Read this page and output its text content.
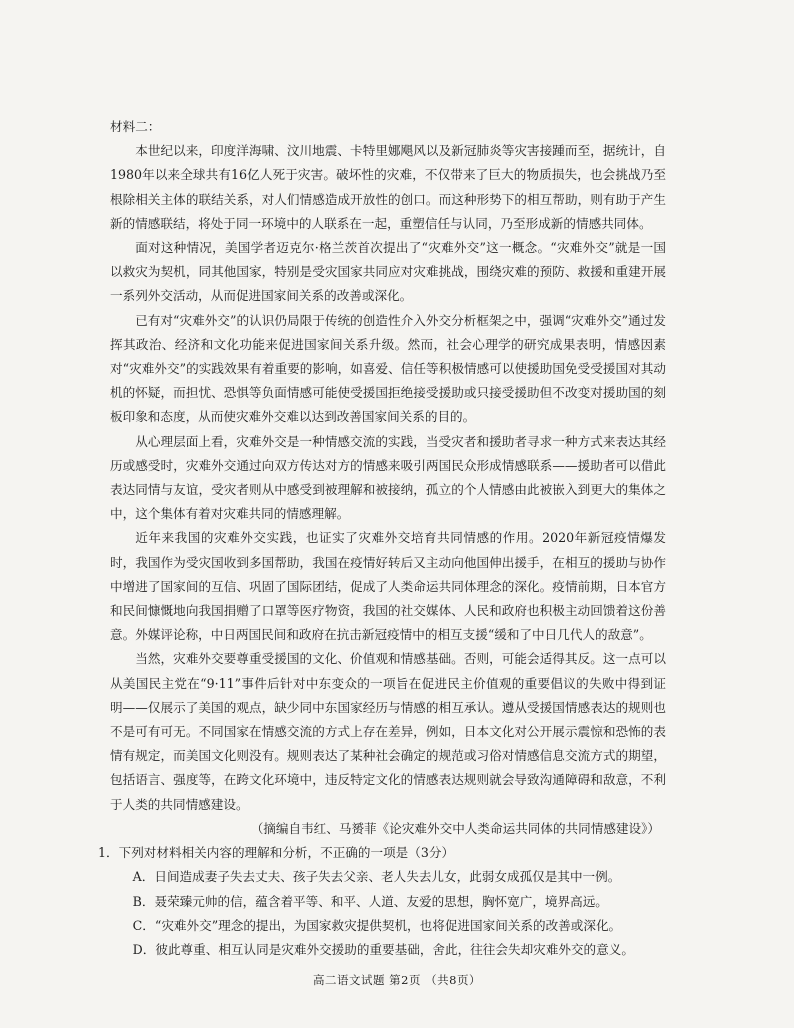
材料二：

本世纪以来，印度洋海啸、汶川地震、卡特里娜飓风以及新冠肺炎等灾害接踵而至，据统计，自1980年以来全球共有16亿人死于灾害。破坏性的灾难，不仅带来了巨大的物质损失，也会挑战乃至根除相关主体的联结关系，对人们情感造成开放性的创口。而这种形势下的相互帮助，则有助于产生新的情感联结，将处于同一环境中的人联系在一起，重塑信任与认同，乃至形成新的情感共同体。

面对这种情况，美国学者迈克尔·格兰茨首次提出了“灾难外交”这一概念。“灾难外交”就是一国以救灾为契机，同其他国家，特别是受灾国家共同应对灾难挑战，围绕灾难的预防、救援和重建开展一系列外交活动，从而促进国家间关系的改善或深化。

已有对“灾难外交”的认识仍局限于传统的创造性介入外交分析框架之中，强调“灾难外交”通过发挥其政治、经济和文化功能来促进国家间关系升级。然而，社会心理学的研究成果表明，情感因素对“灾难外交”的实践效果有着重要的影响，如喜爱、信任等积极情感可以使援助国免受受援国对其动机的怀疑，而担忧、恐惧等负面情感可能使受援国拒绝接受援助或只接受援助但不改变对援助国的刻板印象和态度，从而使灾难外交难以达到改善国家间关系的目的。

从心理层面上看，灾难外交是一种情感交流的实践，当受灾者和援助者寻求一种方式来表达其经历或感受时，灾难外交通过向双方传达对方的情感来吸引两国民众形成情感联系——援助者可以借此表达同情与友谊，受灾者则从中感受到被理解和被接纳，孤立的个人情感由此被嵌入到更大的集体之中，这个集体有着对灾难共同的情感理解。

近年来我国的灾难外交实践，也证实了灾难外交培育共同情感的作用。2020年新冠疫情爆发时，我国作为受灾国收到多国帮助，我国在疫情好转后又主动向他国伸出援手，在相互的援助与协作中增进了国家间的互信、巩固了国际团结，促成了人类命运共同体理念的深化。疫情前期，日本官方和民间慷慨地向我国捐赠了口罩等医疗物资，我国的社交媒体、人民和政府也积极主动回馈着这份善意。外媒评论称，中日两国民间和政府在抗击新冠疫情中的相互支援“缓和了中日几代人的敌意”。

当然，灾难外交要尊重受援国的文化、价值观和情感基础。否则，可能会适得其反。这一点可以从美国民主党在“9·11”事件后针对中东变众的一项旨在促进民主价值观的重要倡议的失败中得到证明——仅展示了美国的观点，缺少同中东国家经历与情感的相互承认。遵从受援国情感表达的规则也不是可有可无。不同国家在情感交流的方式上存在差异，例如，日本文化对公开展示震惊和恐怖的表情有规定，而美国文化则没有。规则表达了某种社会确定的规范或习俗对情感信息交流方式的期望，包括语言、强度等，在跨文化环境中，违反特定文化的情感表达规则就会导致沟通障碍和敌意，不利于人类的共同情感建设。

（摘编自韦红、马赟菲《论灾难外交中人类命运共同体的共同情感建设》）

1．下列对材料相关内容的理解和分析，不正确的一项是（3分）

A．日间造成妻子失去丈夫、孩子失去父亲、老人失去儿女，此弱女成孤仅是其中一例。

B．聂荣臻元帅的信，蕴含着平等、和平、人道、友爱的思想，胸怀宽广，境界高远。

C．“灾难外交”理念的提出，为国家救灾提供契机，也将促进国家间关系的改善或深化。

D．彼此尊重、相互认同是灾难外交援助的重要基础，舍此，往往会失却灾难外交的意义。

高二语文试题 第2页 （共8页）
